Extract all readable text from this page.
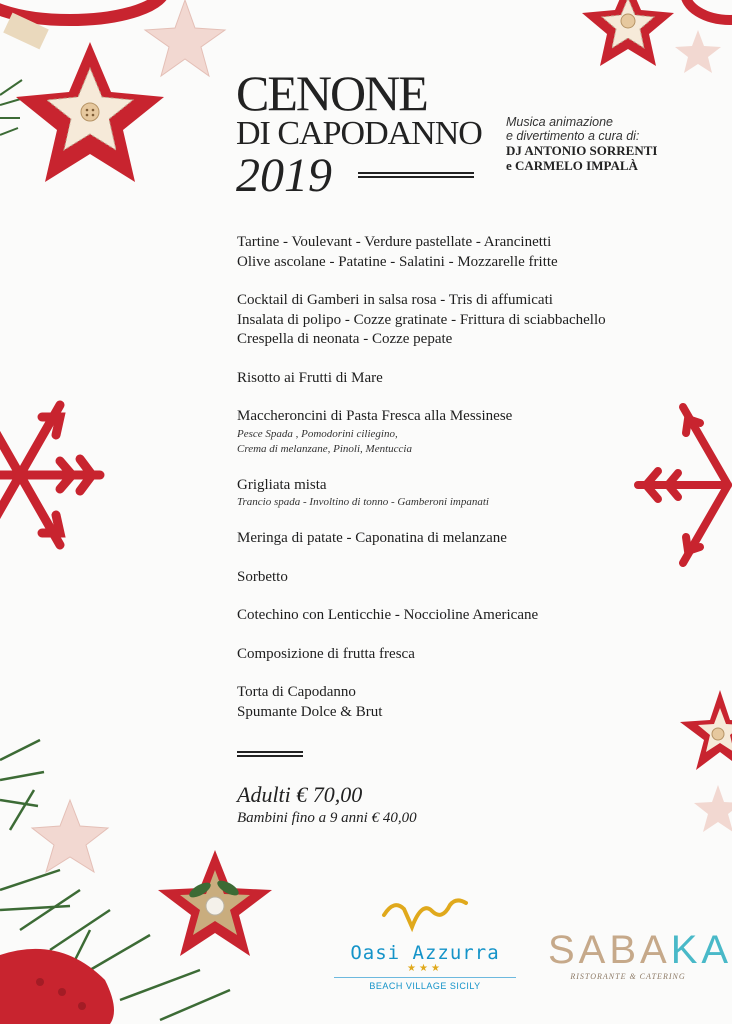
CENONE
DI CAPODANNO
2019
Musica animazione
e divertimento a cura di:
DJ ANTONIO SORRENTI
e CARMELO IMPALÀ
Tartine - Voulevant - Verdure pastellate - Arancinetti
Olive ascolane - Patatine - Salatini - Mozzarelle fritte
Cocktail di Gamberi in salsa rosa - Tris di affumicati
Insalata di polipo - Cozze gratinate - Frittura di sciabbachello
Crespella di neonata - Cozze pepate
Risotto ai Frutti di Mare
Maccheroncini di Pasta Fresca alla Messinese
Pesce Spada , Pomodorini ciliegino,
Crema di melanzane, Pinoli, Mentuccia
Grigliata mista
Trancio spada - Involtino di tonno - Gamberoni impanati
Meringa di patate - Caponatina di melanzane
Sorbetto
Cotechino con Lenticchie - Noccioline Americane
Composizione di frutta fresca
Torta di Capodanno
Spumante Dolce & Brut
Adulti € 70,00
Bambini fino a 9 anni € 40,00
Oasi Azzurra
★★★
BEACH VILLAGE SICILY
SABAKA
RISTORANTE & CATERING
